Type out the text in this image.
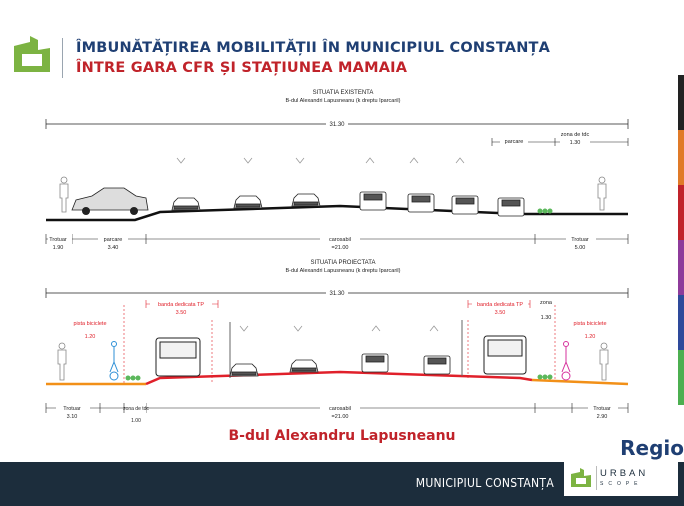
ÎMBUNĂTĂȚIREA MOBILITĂȚII ÎN MUNICIPIUL CONSTANȚA
ÎNTRE GARA CFR ȘI STAȚIUNEA MAMAIA
SITUATIA EXISTENTA
B-dul Alexandri Lapusneanu (k dreptu Iparcaril)
31.30
parcare
zona de tdc
1.30
Trotuar
1.90
parcare
3.40
carosabil
=21.00
Trotuar
5.00
SITUATIA PROIECTATA
B-dul Alexandri Lapusneanu (k dreptu Iparcaril)
31.30
banda dedicata TP
3.50
banda dedicata TP
3.50
zona
1.30
pista biciclete
1.20
pista biciclete
1.20
Trotuar
3.10
zona de tdc
1.00
carosabil
=21.00
Trotuar
2.90
B-dul Alexandru Lapusneanu	Regio
MUNICIPIUL CONSTANȚA
URBAN
SCOPE
